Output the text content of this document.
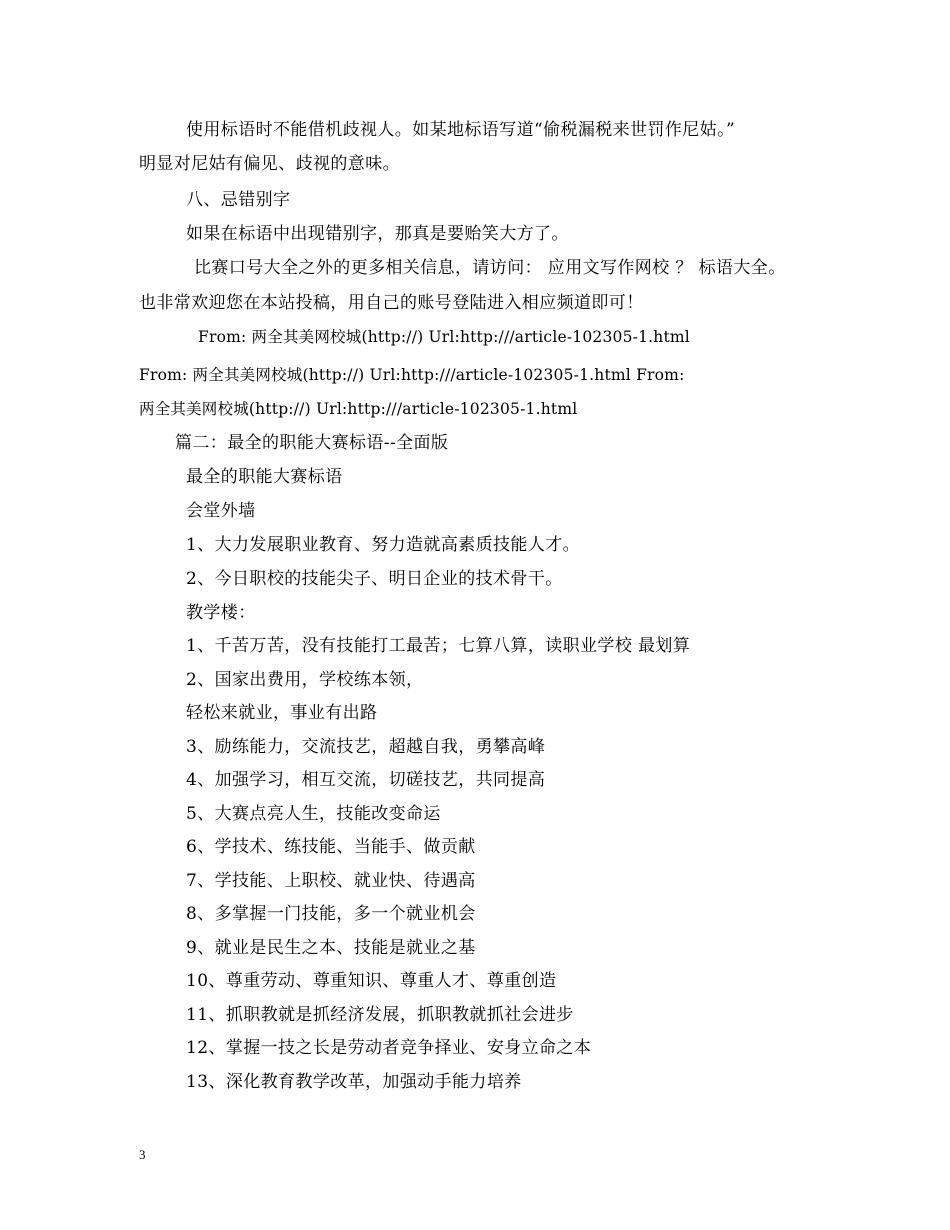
使用标语时不能借机歧视人。如某地标语写道“偷税漏税来世罚作尼姑。”
明显对尼姑有偏见、歧视的意味。
八、忌错别字
如果在标语中出现错别字，那真是要贻笑大方了。
比赛口号大全之外的更多相关信息，请访问： 应用文写作网校 ？ 标语大全。
也非常欢迎您在本站投稿，用自己的账号登陆进入相应频道即可！
From: 两全其美网校城(http://) Url:http:///article-102305-1.html
From: 两全其美网校城(http://) Url:http:///article-102305-1.html From:
两全其美网校城(http://) Url:http:///article-102305-1.html
篇二：最全的职能大赛标语--全面版
最全的职能大赛标语
会堂外墙
1、大力发展职业教育、努力造就高素质技能人才。
2、今日职校的技能尖子、明日企业的技术骨干。
教学楼：
1、千苦万苦，没有技能打工最苦；七算八算，读职业学校 最划算
2、国家出费用，学校练本领，
轻松来就业，事业有出路
3、励练能力，交流技艺，超越自我，勇攀高峰
4、加强学习，相互交流，切磋技艺，共同提高
5、大赛点亮人生，技能改变命运
6、学技术、练技能、当能手、做贡献
7、学技能、上职校、就业快、待遇高
8、多掌握一门技能，多一个就业机会
9、就业是民生之本、技能是就业之基
10、尊重劳动、尊重知识、尊重人才、尊重创造
11、抓职教就是抓经济发展，抓职教就抓社会进步
12、掌握一技之长是劳动者竞争择业、安身立命之本
13、深化教育教学改革，加强动手能力培养
3
